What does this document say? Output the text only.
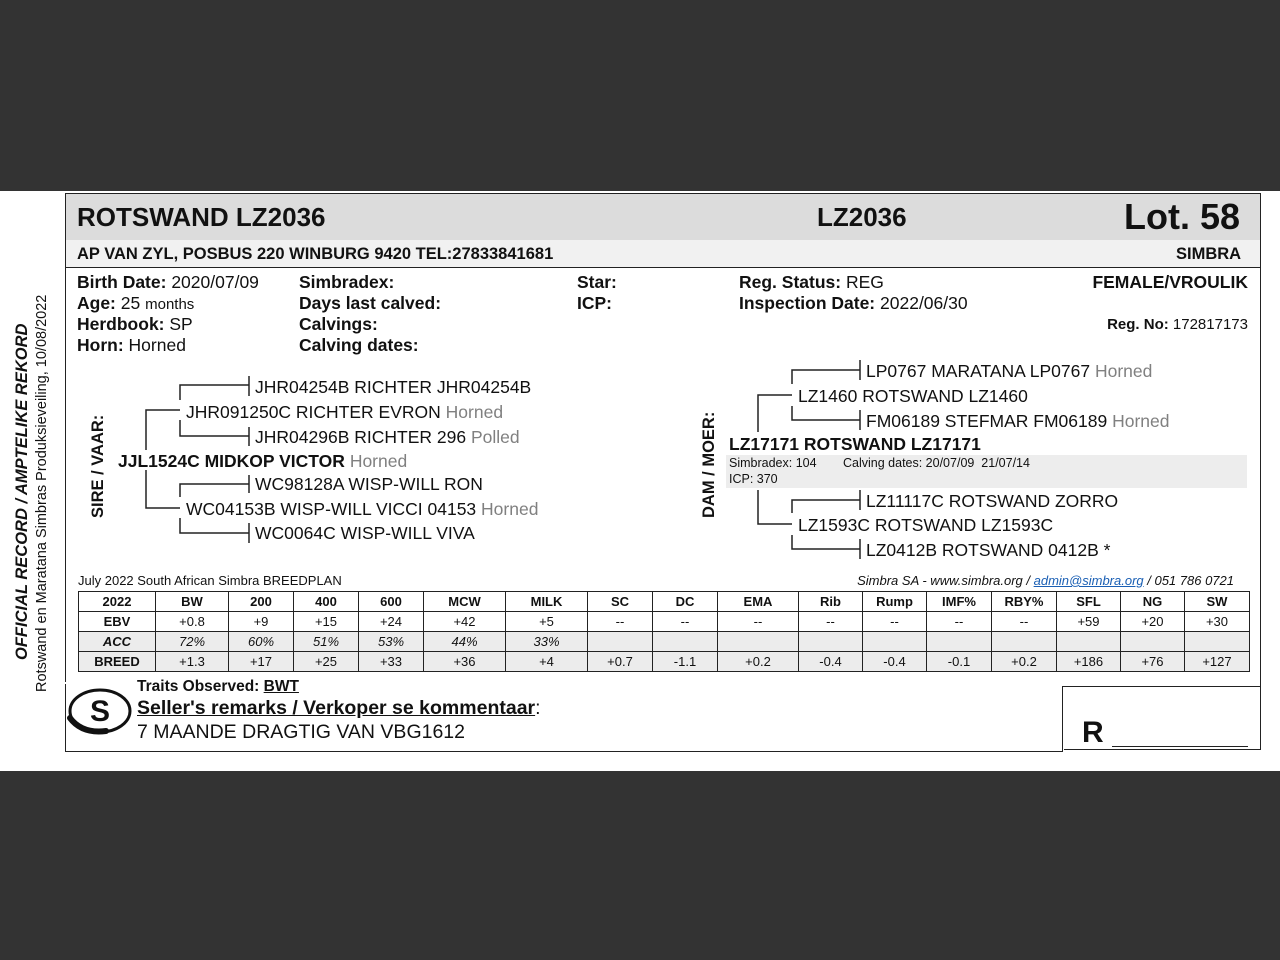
OFFICIAL RECORD / AMPTELIKE REKORD Rotswand en Maratana Simbras Produksieveiling, 10/08/2022
ROTSWAND LZ2036	LZ2036	Lot. 58
AP VAN ZYL, POSBUS 220 WINBURG 9420 TEL:27833841681	SIMBRA
Birth Date: 2020/07/09
Age: 25 months
Herdbook: SP
Horn: Horned
Simbradex:
Days last calved:
Calvings:
Calving dates:
Star:
ICP:
Reg. Status: REG
Inspection Date: 2022/06/30
FEMALE/VROULIK
Reg. No: 172817173
SIRE / VAAR:
JHR04254B RICHTER JHR04254B
JHR091250C RICHTER EVRON Horned
JHR04296B RICHTER 296 Polled
JJL1524C MIDKOP VICTOR Horned
WC98128A WISP-WILL RON
WC04153B WISP-WILL VICCI 04153 Horned
WC0064C WISP-WILL VIVA
DAM / MOER:
LP0767 MARATANA LP0767 Horned
LZ1460 ROTSWAND LZ1460
FM06189 STEFMAR FM06189 Horned
LZ17171 ROTSWAND LZ17171
Simbradex: 104 Calving dates: 20/07/09  21/07/14
ICP: 370
LZ11117C ROTSWAND ZORRO
LZ1593C ROTSWAND LZ1593C
LZ0412B ROTSWAND 0412B *
July 2022 South African Simbra BREEDPLAN	Simbra SA - www.simbra.org / admin@simbra.org / 051 786 0721
2022	BW	200	400	600	MCW	MILK	SC	DC	EMA	Rib	Rump	IMF%	RBY%	SFL	NG	SW
EBV	+0.8	+9	+15	+24	+42	+5	--	--	--	--	--	--	--	+59	+20	+30
ACC	72%	60%	51%	53%	44%	33%										
BREED	+1.3	+17	+25	+33	+36	+4	+0.7	-1.1	+0.2	-0.4	-0.4	-0.1	+0.2	+186	+76	+127
S
Traits Observed: BWT
Seller's remarks / Verkoper se kommentaar:
7 MAANDE DRAGTIG VAN VBG1612	R
